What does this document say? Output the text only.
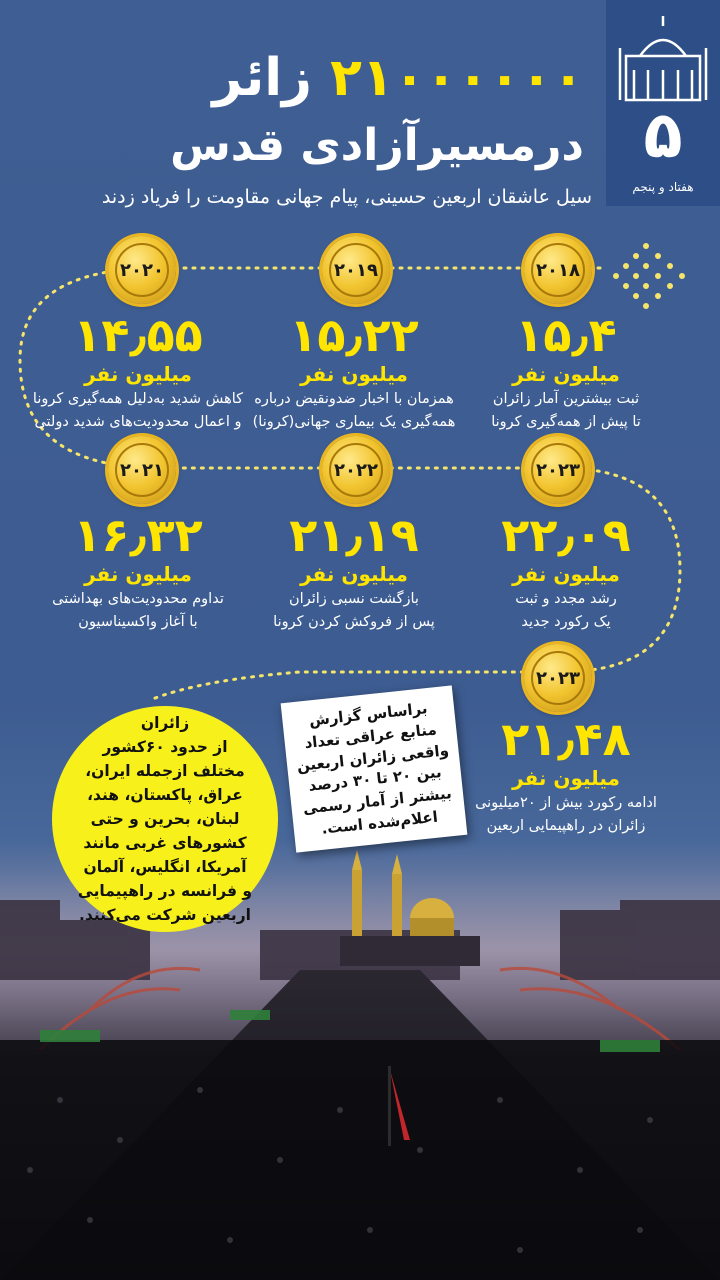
۵
هفتاد و پنجم
۲۱۰۰۰۰۰۰ زائر
درمسیرآزادی قدس
سیل عاشقان اربعین حسینی، پیام جهانی مقاومت را فریاد زدند
۲۰۱۸
۲۰۱۹
۲۰۲۰
۱۵٫۴
میلیون نفر
ثبت بیشترین آمار زائران
تا پیش از همه‌گیری کرونا
۱۵٫۲۲
میلیون نفر
همزمان با اخبار ضدونقیض درباره
همه‌گیری یک بیماری جهانی(کرونا)
۱۴٫۵۵
میلیون نفر
کاهش شدید به‌دلیل همه‌گیری کرونا
و اعمال محدودیت‌های شدید دولتی
۲۰۲۱	۲۰۲۲	۲۰۲۳
۱۶٫۳۲
میلیون نفر
تداوم محدودیت‌های بهداشتی
با آغاز واکسیناسیون
۲۱٫۱۹
میلیون نفر
بازگشت نسبی زائران
پس از فروکش کردن کرونا
۲۲٫۰۹
میلیون نفر
رشد مجدد و ثبت
یک رکورد جدید
۲۰۲۳
۲۱٫۴۸
میلیون نفر
ادامه رکورد بیش از ۲۰میلیونی
زائران در راهپیمایی اربعین
براساس گزارش منابع عراقی تعداد واقعی زائران اربعین بین ۲۰ تا ۳۰ درصد بیشتر از آمار رسمی اعلام‌شده است.
زائران
از حدود ۶۰کشور مختلف ازجمله ایران، عراق، پاکستان، هند، لبنان، بحرین و حتی کشورهای غربی مانند آمریکا، انگلیس، آلمان و فرانسه در راهپیمایی اربعین شرکت می‌کنند.
